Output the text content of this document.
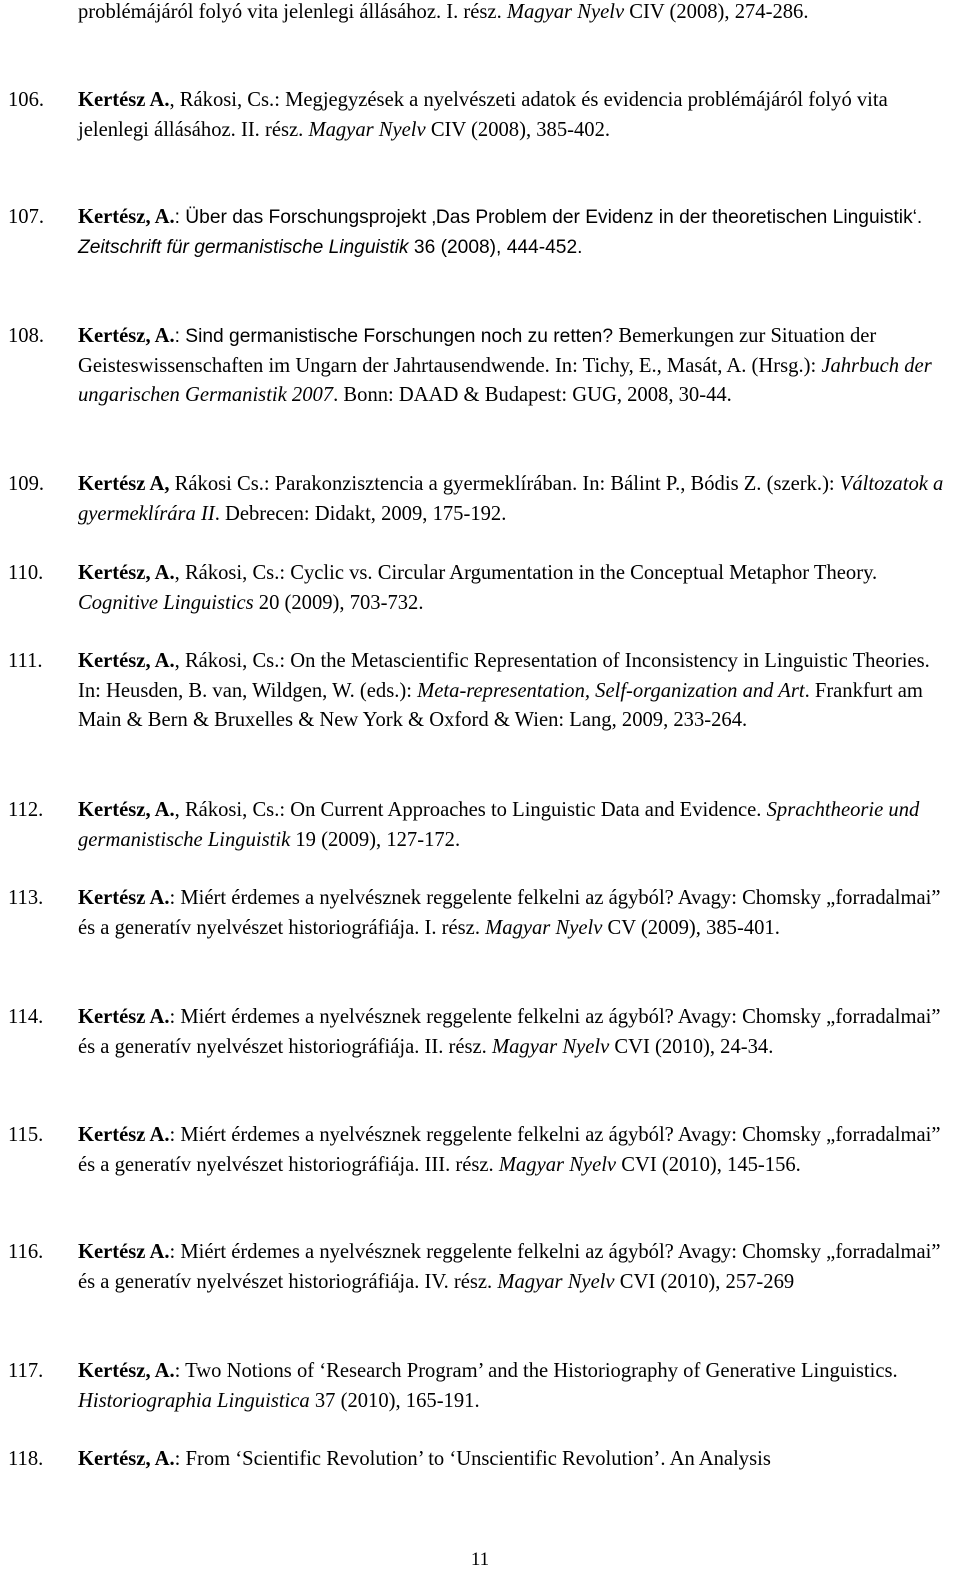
problémájáról folyó vita jelenlegi állásához. I. rész. Magyar Nyelv CIV (2008), 274-286.
106.	Kertész A., Rákosi, Cs.: Megjegyzések a nyelvészeti adatok és evidencia problémájáról folyó vita jelenlegi állásához. II. rész. Magyar Nyelv CIV (2008), 385-402.
107.	Kertész, A.: Über das Forschungsprojekt ‚Das Problem der Evidenz in der theoretischen Linguistik‘. Zeitschrift für germanistische Linguistik 36 (2008), 444-452.
108.	Kertész, A.: Sind germanistische Forschungen noch zu retten? Bemerkungen zur Situation der Geisteswissenschaften im Ungarn der Jahrtausendwende. In: Tichy, E., Masát, A. (Hrsg.): Jahrbuch der ungarischen Germanistik 2007. Bonn: DAAD & Budapest: GUG, 2008, 30-44.
109.	Kertész A, Rákosi Cs.: Parakonzisztencia a gyermeklírában. In: Bálint P., Bódis Z. (szerk.): Változatok a gyermeklírára II. Debrecen: Didakt, 2009, 175-192.
110.	Kertész, A., Rákosi, Cs.: Cyclic vs. Circular Argumentation in the Conceptual Metaphor Theory. Cognitive Linguistics 20 (2009), 703-732.
111.	Kertész, A., Rákosi, Cs.: On the Metascientific Representation of Inconsistency in Linguistic Theories. In: Heusden, B. van, Wildgen, W. (eds.): Meta-representation, Self-organization and Art. Frankfurt am Main & Bern & Bruxelles & New York & Oxford & Wien: Lang, 2009, 233-264.
112.	Kertész, A., Rákosi, Cs.: On Current Approaches to Linguistic Data and Evidence. Sprachtheorie und germanistische Linguistik 19 (2009), 127-172.
113.	Kertész A.: Miért érdemes a nyelvésznek reggelente felkelni az ágyból? Avagy: Chomsky „forradalmai” és a generatív nyelvészet historiográfiája. I. rész. Magyar Nyelv CV (2009), 385-401.
114.	Kertész A.: Miért érdemes a nyelvésznek reggelente felkelni az ágyból? Avagy: Chomsky „forradalmai” és a generatív nyelvészet historiográfiája. II. rész. Magyar Nyelv CVI (2010), 24-34.
115.	Kertész A.: Miért érdemes a nyelvésznek reggelente felkelni az ágyból? Avagy: Chomsky „forradalmai” és a generatív nyelvészet historiográfiája. III. rész. Magyar Nyelv CVI (2010), 145-156.
116.	Kertész A.: Miért érdemes a nyelvésznek reggelente felkelni az ágyból? Avagy: Chomsky „forradalmai” és a generatív nyelvészet historiográfiája. IV. rész. Magyar Nyelv CVI (2010), 257-269
117.	Kertész, A.: Two Notions of ‘Research Program’ and the Historiography of Generative Linguistics. Historiographia Linguistica 37 (2010), 165-191.
118.	Kertész, A.: From ‘Scientific Revolution’ to ‘Unscientific Revolution’. An Analysis
11
